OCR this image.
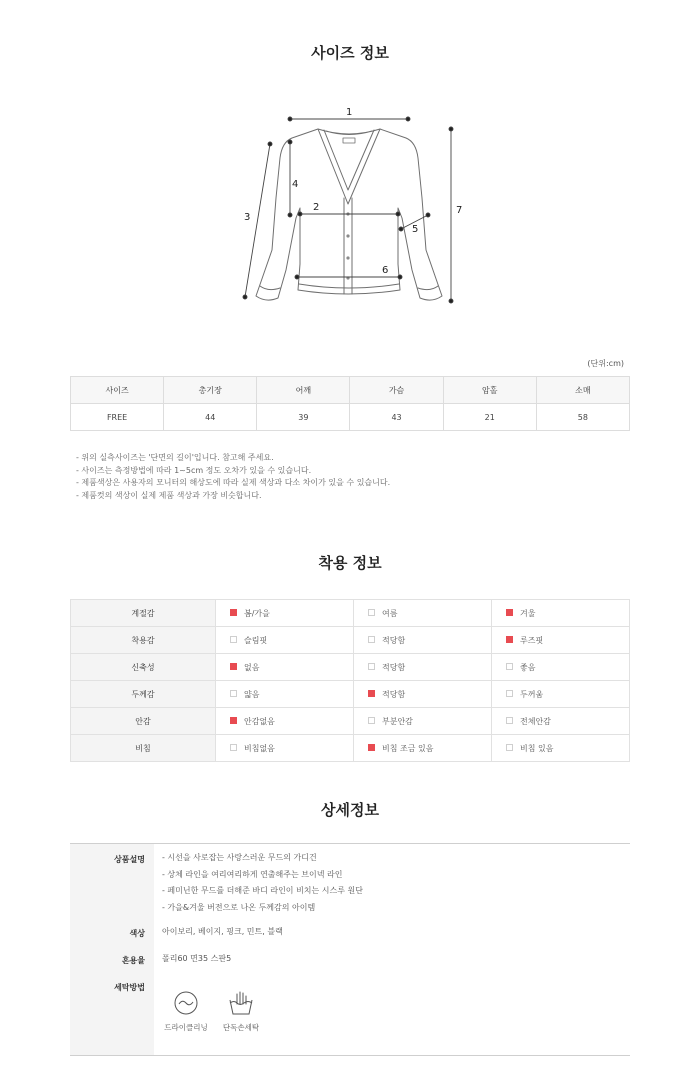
사이즈 정보
1
2
3
4
5
6
7
(단위:cm)
사이즈	총기장	어깨	가슴	암홀	소매
FREE	44	39	43	21	58
- 위의 실측사이즈는 '단면의 길이'입니다. 참고해 주세요.
- 사이즈는 측정방법에 따라 1~5cm 정도 오차가 있을 수 있습니다.
- 제품색상은 사용자의 모니터의 해상도에 따라 실제 색상과 다소 차이가 있을 수 있습니다.
- 제품컷의 색상이 실제 제품 색상과 가장 비슷합니다.
착용 정보
계절감	봄/가을	여름	겨울
착용감	슬림핏	적당함	루즈핏
신축성	없음	적당함	좋음
두께감	얇음	적당함	두꺼움
안감	안감없음	부분안감	전체안감
비침	비침없음	비침 조금 있음	비침 있음
상세정보
상품설명 - 시선을 사로잡는 사랑스러운 무드의 가디건
- 상체 라인을 여리여리하게 연출해주는 브이넥 라인
- 페미닌한 무드를 더해준 바디 라인이 비치는 시스루 원단
- 가을&겨울 버전으로 나온 두께감의 아이템
색상 아이보리, 베이지, 핑크, 민트, 블랙
혼용율 폴리60 면35 스판5
세탁방법
드라이클리닝	단독손세탁
